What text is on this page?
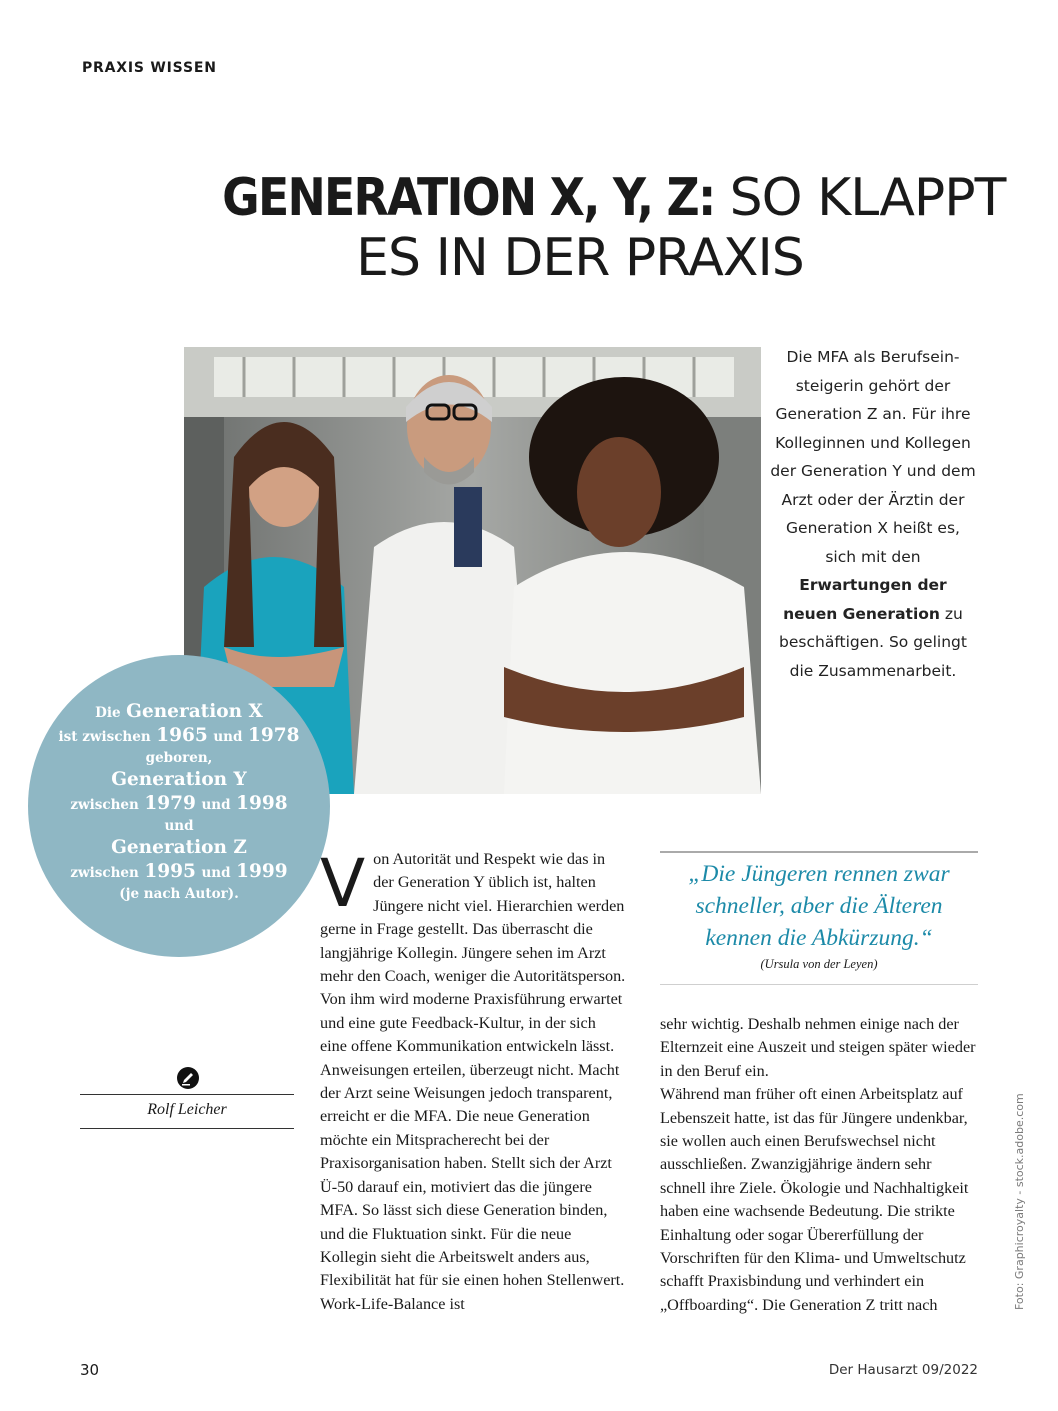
PRAXIS WISSEN
GENERATION X, Y, Z: SO KLAPPT
ES IN DER PRAXIS
Die MFA als Berufsein- steigerin gehört der Generation Z an. Für ihre Kolleginnen und Kollegen der Generation Y und dem Arzt oder der Ärztin der Generation X heißt es, sich mit den Erwartungen der neuen Generation zu beschäftigen. So gelingt die Zusammenarbeit.
Die Generation X
ist zwischen 1965 und 1978
geboren,
Generation Y
zwischen 1979 und 1998
und
Generation Z
zwischen 1995 und 1999
(je nach Autor).
Rolf Leicher
V on Autorität und Respekt wie das in der Generation Y üblich ist, halten Jüngere nicht viel. Hierarchien werden gerne in Frage gestellt. Das überrascht die langjährige Kollegin. Jüngere sehen im Arzt mehr den Coach, weniger die Autoritätsperson. Von ihm wird moderne Praxisführung erwartet und eine gute Feedback-Kultur, in der sich eine offene Kommunikation entwickeln lässt. Anweisungen erteilen, überzeugt nicht. Macht der Arzt seine Weisungen jedoch transparent, erreicht er die MFA. Die neue Generation möchte ein Mitspracherecht bei der Praxisorganisation haben. Stellt sich der Arzt Ü-50 darauf ein, motiviert das die jüngere MFA. So lässt sich diese Generation binden, und die Fluktuation sinkt. Für die neue Kollegin sieht die Arbeitswelt anders aus, Flexibilität hat für sie einen hohen Stellenwert. Work-Life-Balance ist

„Die Jüngeren rennen zwar schneller, aber die Älteren kennen die Abkürzung.“
(Ursula von der Leyen)

sehr wichtig. Deshalb nehmen einige nach der Elternzeit eine Auszeit und steigen später wieder in den Beruf ein.

Während man früher oft einen Arbeitsplatz auf Lebenszeit hatte, ist das für Jüngere undenkbar, sie wollen auch einen Berufswechsel nicht ausschließen. Zwanzigjährige ändern sehr schnell ihre Ziele. Ökologie und Nachhaltigkeit haben eine wachsende Bedeutung. Die strikte Einhaltung oder sogar Übererfüllung der Vorschriften für den Klima- und Umweltschutz schafft Praxisbindung und verhindert ein „Offboarding“. Die Generation Z tritt nach	Foto: Graphicroyalty - stock.adobe.com
30	Der Hausarzt 09/2022
